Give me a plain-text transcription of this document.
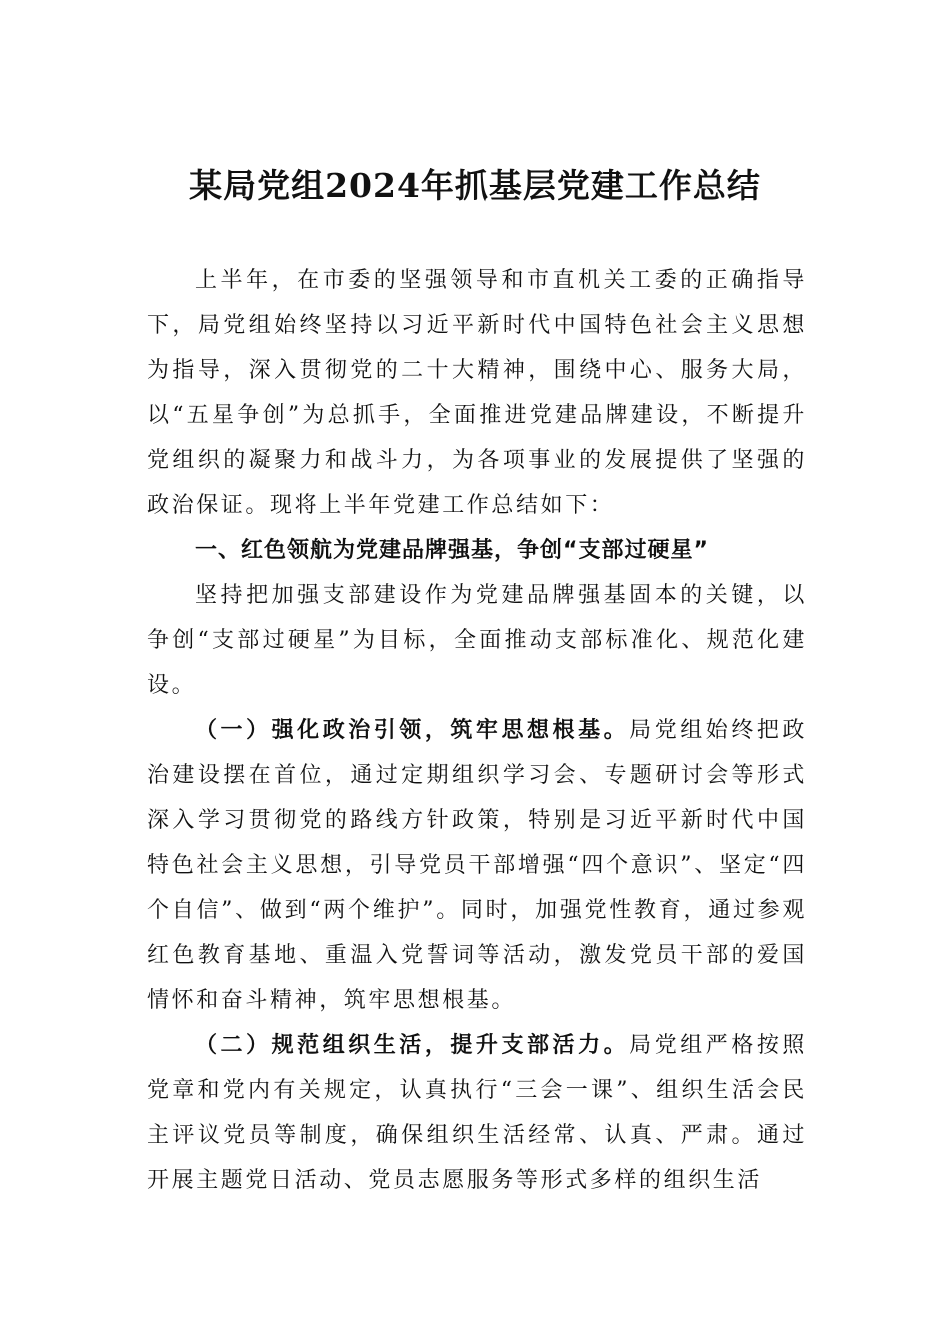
某局党组2024年抓基层党建工作总结

上半年，在市委的坚强领导和市直机关工委的正确指导下，局党组始终坚持以习近平新时代中国特色社会主义思想为指导，深入贯彻党的二十大精神，围绕中心、服务大局，以“五星争创”为总抓手，全面推进党建品牌建设，不断提升党组织的凝聚力和战斗力，为各项事业的发展提供了坚强的政治保证。现将上半年党建工作总结如下：

一、红色领航为党建品牌强基，争创“支部过硬星”

坚持把加强支部建设作为党建品牌强基固本的关键，以争创“支部过硬星”为目标，全面推动支部标准化、规范化建设。

（一）强化政治引领，筑牢思想根基。局党组始终把政治建设摆在首位，通过定期组织学习会、专题研讨会等形式深入学习贯彻党的路线方针政策，特别是习近平新时代中国特色社会主义思想，引导党员干部增强“四个意识”、坚定“四个自信”、做到“两个维护”。同时，加强党性教育，通过参观红色教育基地、重温入党誓词等活动，激发党员干部的爱国情怀和奋斗精神，筑牢思想根基。

（二）规范组织生活，提升支部活力。局党组严格按照党章和党内有关规定，认真执行“三会一课”、组织生活会民主评议党员等制度，确保组织生活经常、认真、严肃。通过开展主题党日活动、党员志愿服务等形式多样的组织生活
